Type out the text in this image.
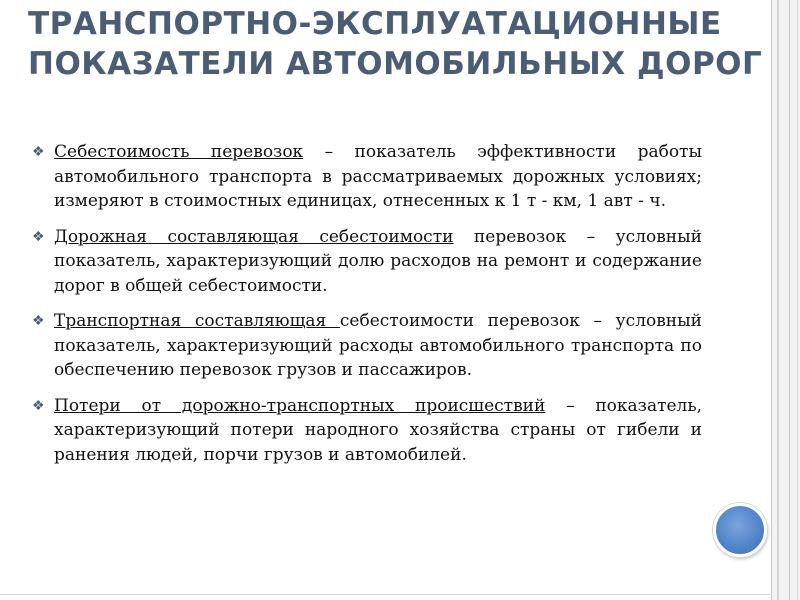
ТРАНСПОРТНО-ЭКСПЛУАТАЦИОННЫЕ ПОКАЗАТЕЛИ АВТОМОБИЛЬНЫХ ДОРОГ
❖ Себестоимость перевозок – показатель эффективности работы автомобильного транспорта в рассматриваемых дорожных условиях; измеряют в стоимостных единицах, отнесенных к 1 т - км, 1 авт - ч.
❖ Дорожная составляющая себестоимости перевозок – условный показатель, характеризующий долю расходов на ремонт и содержание дорог в общей себестоимости.
❖ Транспортная составляющая себестоимости перевозок – условный показатель, характеризующий расходы автомобильного транспорта по обеспечению перевозок грузов и пассажиров.
❖ Потери от дорожно-транспортных происшествий – показатель, характеризующий потери народного хозяйства страны от гибели и ранения людей, порчи грузов и автомобилей.
